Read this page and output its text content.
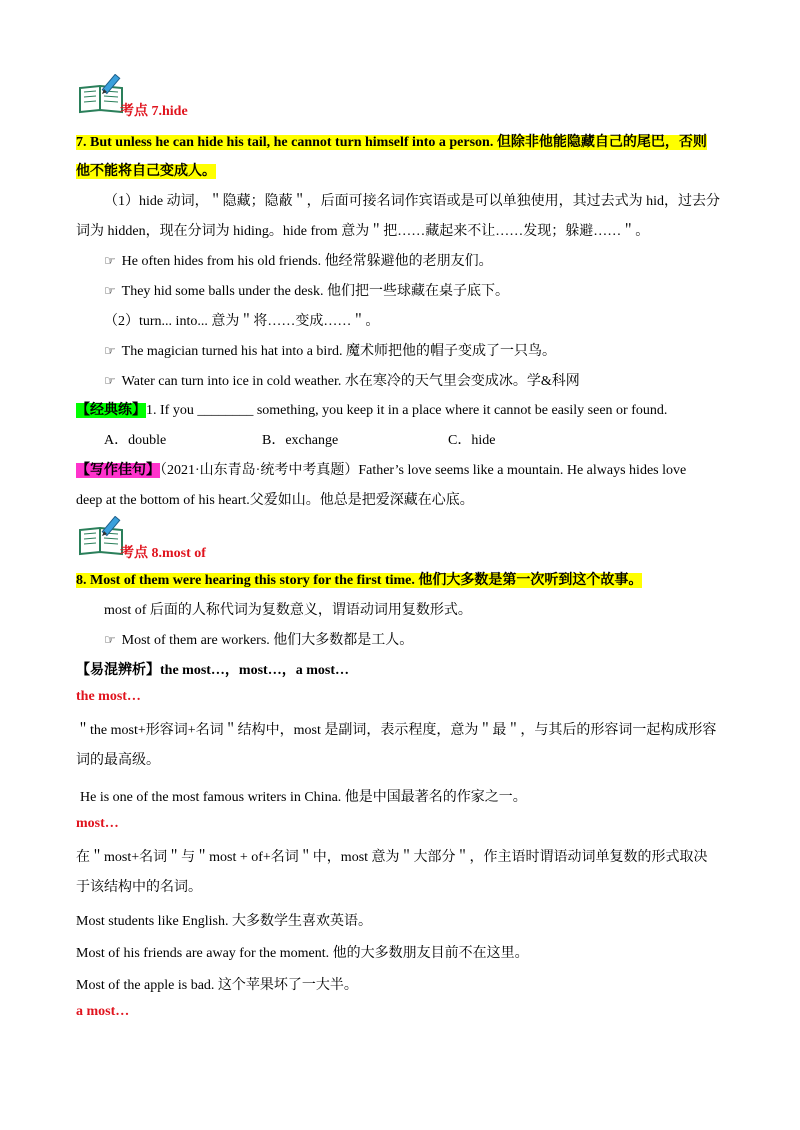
考点 7.hide
7. But unless he can hide his tail, he cannot turn himself into a person. 但除非他能隐藏自己的尾巴，否则
他不能将自己变成人。
（1）hide 动词，＂隐藏；隐蔽＂，后面可接名词作宾语或是可以单独使用，其过去式为 hid，过去分
词为 hidden，现在分词为 hiding。hide from 意为＂把……藏起来不让……发现；躲避……＂。
☞ He often hides from his old friends. 他经常躲避他的老朋友们。
☞ They hid some balls under the desk. 他们把一些球藏在桌子底下。
（2）turn... into... 意为＂将……变成……＂。
☞ The magician turned his hat into a bird. 魔术师把他的帽子变成了一只鸟。
☞ Water can turn into ice in cold weather. 水在寒冷的天气里会变成冰。学&科网
【经典练】1. If you ________ something, you keep it in a place where it cannot be easily seen or found.
A．double	B．exchange	C．hide
【写作佳句】（2021·山东青岛·统考中考真题）Father’s love seems like a mountain. He always hides love
deep at the bottom of his heart.父爱如山。他总是把爱深藏在心底。
考点 8.most of
8. Most of them were hearing this story for the first time. 他们大多数是第一次听到这个故事。
most of 后面的人称代词为复数意义，谓语动词用复数形式。
☞ Most of them are workers. 他们大多数都是工人。
【易混辨析】the most…，most…，a most…
the most…
＂the most+形容词+名词＂结构中，most 是副词，表示程度，意为＂最＂，与其后的形容词一起构成形容
词的最高级。
He is one of the most famous writers in China. 他是中国最著名的作家之一。
most…
在＂most+名词＂与＂most + of+名词＂中，most 意为＂大部分＂，作主语时谓语动词单复数的形式取决
于该结构中的名词。
Most students like English. 大多数学生喜欢英语。
Most of his friends are away for the moment. 他的大多数朋友目前不在这里。
Most of the apple is bad. 这个苹果坏了一大半。
a most…
